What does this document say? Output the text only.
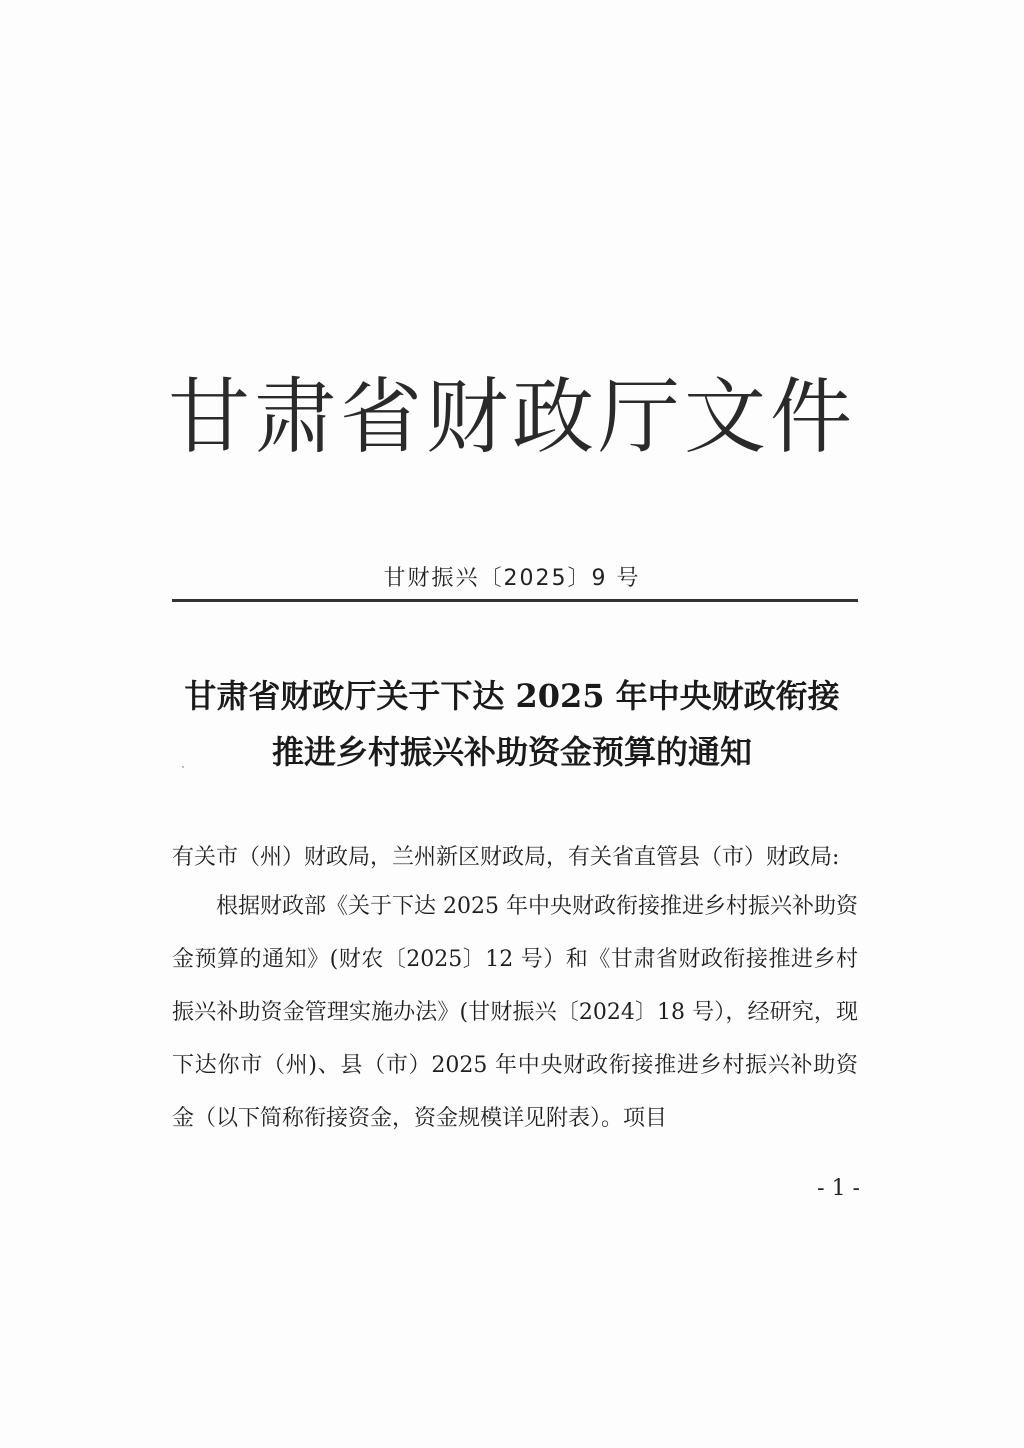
甘肃省财政厅文件
甘财振兴〔2025〕9 号
甘肃省财政厅关于下达 2025 年中央财政衔接
推进乡村振兴补助资金预算的通知
有关市（州）财政局，兰州新区财政局，有关省直管县（市）财政局:
根据财政部《关于下达 2025 年中央财政衔接推进乡村振兴补助资金预算的通知》(财农〔2025〕12 号）和《甘肃省财政衔接推进乡村振兴补助资金管理实施办法》(甘财振兴〔2024〕18 号），经研究，现下达你市（州)、县（市）2025 年中央财政衔接推进乡村振兴补助资金（以下简称衔接资金，资金规模详见附表）。项目
- 1 -
